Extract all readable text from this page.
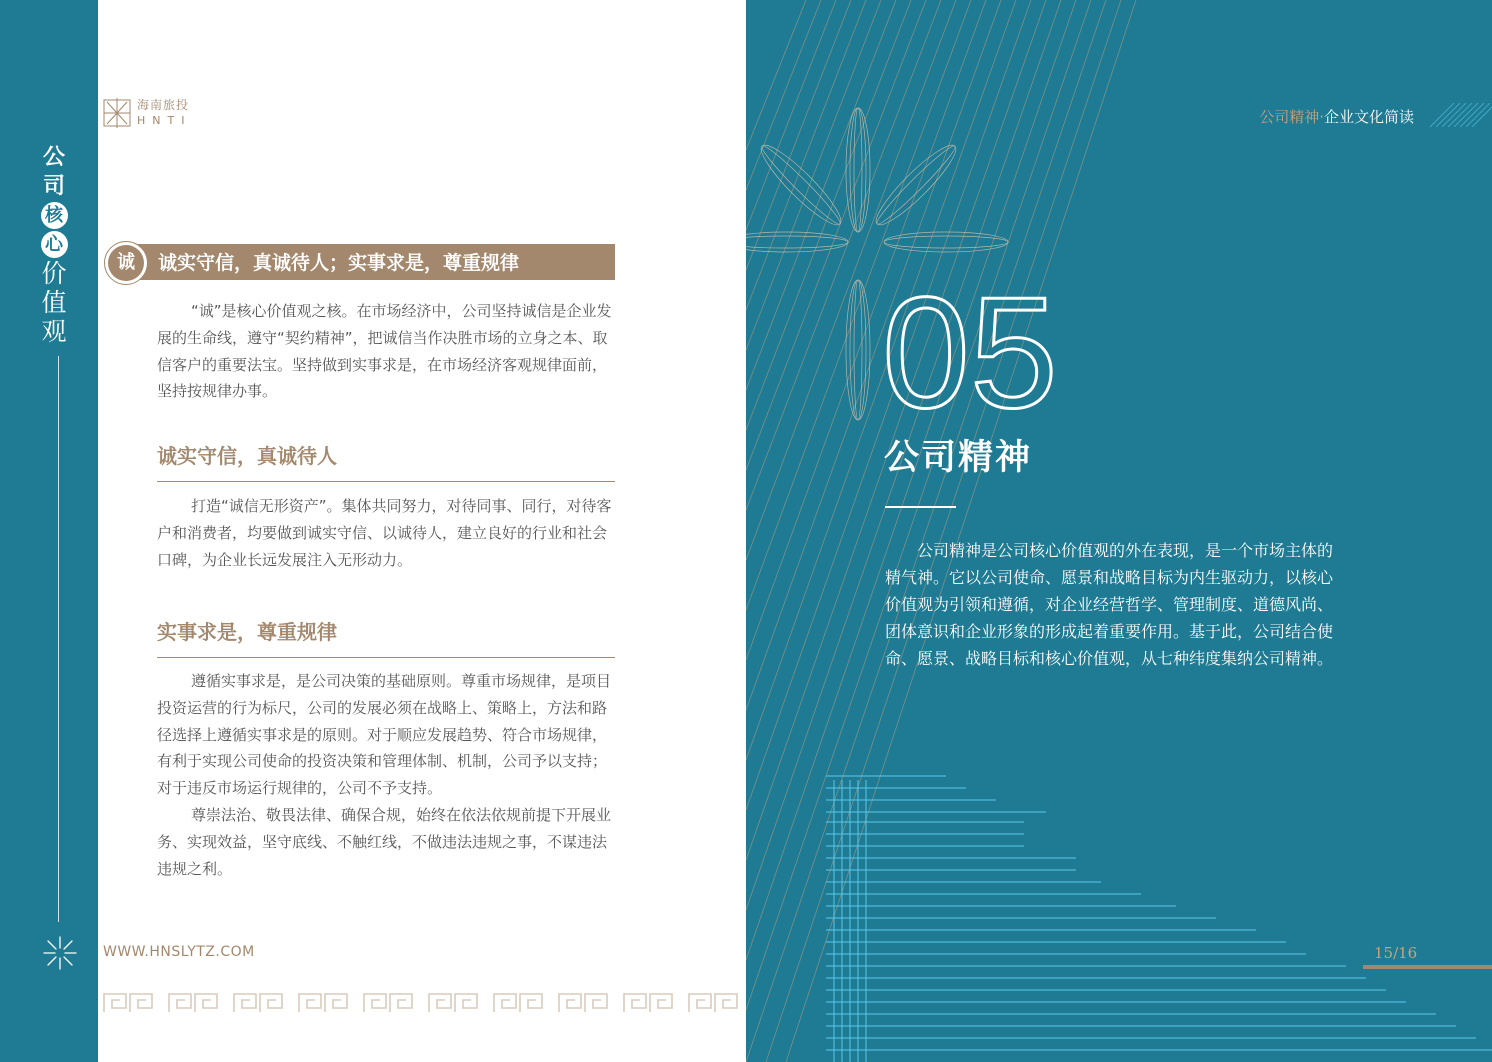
公
司
核
心
价
值
观
海南旅投
HNTI
诚实守信，真诚待人；实事求是，尊重规律
诚

“诚”是核心价值观之核。在市场经济中，公司坚持诚信是企业发展的生命线，遵守“契约精神”，把诚信当作决胜市场的立身之本、取信客户的重要法宝。坚持做到实事求是，在市场经济客观规律面前，坚持按规律办事。

诚实守信，真诚待人

打造“诚信无形资产”。集体共同努力，对待同事、同行，对待客户和消费者，均要做到诚实守信、以诚待人，建立良好的行业和社会口碑，为企业长远发展注入无形动力。

实事求是，尊重规律

遵循实事求是，是公司决策的基础原则。尊重市场规律，是项目投资运营的行为标尺，公司的发展必须在战略上、策略上，方法和路径选择上遵循实事求是的原则。对于顺应发展趋势、符合市场规律，有利于实现公司使命的投资决策和管理体制、机制，公司予以支持；对于违反市场运行规律的，公司不予支持。

尊崇法治、敬畏法律、确保合规，始终在依法依规前提下开展业务、实现效益，坚守底线、不触红线，不做违法违规之事，不谋违法违规之利。

WWW.HNSLYTZ.COM
公司精神·企业文化简读
05
公司精神

公司精神是公司核心价值观的外在表现，是一个市场主体的精气神。它以公司使命、愿景和战略目标为内生驱动力，以核心价值观为引领和遵循，对企业经营哲学、管理制度、道德风尚、团体意识和企业形象的形成起着重要作用。基于此，公司结合使命、愿景、战略目标和核心价值观，从七种纬度集纳公司精神。

15/16
